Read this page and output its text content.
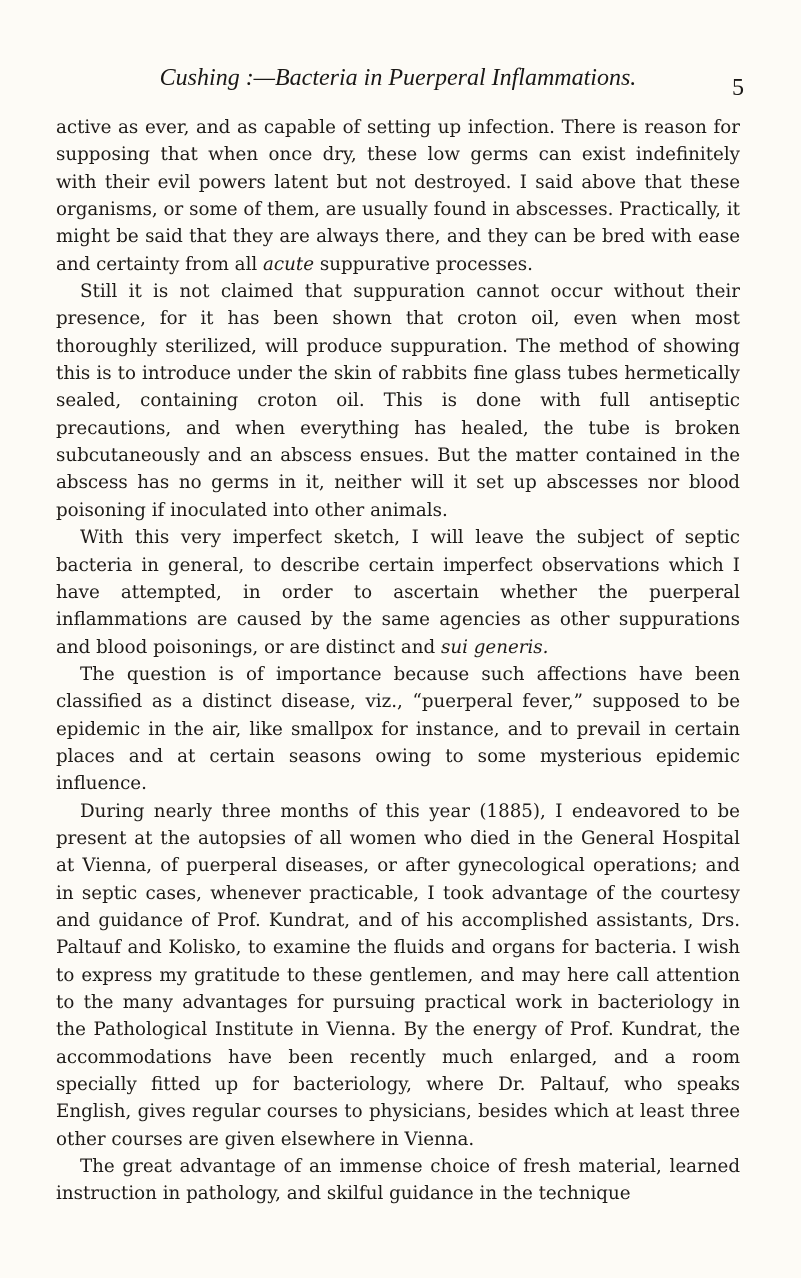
Cushing :—Bacteria in Puerperal Inflammations.	5

active as ever, and as capable of setting up infection. There is reason for supposing that when once dry, these low germs can exist indefinitely with their evil powers latent but not destroyed. I said above that these organisms, or some of them, are usually found in abscesses. Practically, it might be said that they are always there, and they can be bred with ease and certainty from all acute suppurative processes.

Still it is not claimed that suppuration cannot occur without their presence, for it has been shown that croton oil, even when most thoroughly sterilized, will produce suppuration. The method of showing this is to introduce under the skin of rabbits fine glass tubes hermetically sealed, containing croton oil. This is done with full antiseptic precautions, and when everything has healed, the tube is broken subcutaneously and an abscess ensues. But the matter contained in the abscess has no germs in it, neither will it set up abscesses nor blood poisoning if inoculated into other animals.

With this very imperfect sketch, I will leave the subject of septic bacteria in general, to describe certain imperfect observations which I have attempted, in order to ascertain whether the puerperal inflammations are caused by the same agencies as other suppurations and blood poisonings, or are distinct and sui generis.

The question is of importance because such affections have been classified as a distinct disease, viz., “puerperal fever,” supposed to be epidemic in the air, like smallpox for instance, and to prevail in certain places and at certain seasons owing to some mysterious epidemic influence.

During nearly three months of this year (1885), I endeavored to be present at the autopsies of all women who died in the General Hospital at Vienna, of puerperal diseases, or after gynecological operations; and in septic cases, whenever practicable, I took advantage of the courtesy and guidance of Prof. Kundrat, and of his accomplished assistants, Drs. Paltauf and Kolisko, to examine the fluids and organs for bacteria. I wish to express my gratitude to these gentlemen, and may here call attention to the many advantages for pursuing practical work in bacteriology in the Pathological Institute in Vienna. By the energy of Prof. Kundrat, the accommodations have been recently much enlarged, and a room specially fitted up for bacteriology, where Dr. Paltauf, who speaks English, gives regular courses to physicians, besides which at least three other courses are given elsewhere in Vienna.

The great advantage of an immense choice of fresh material, learned instruction in pathology, and skilful guidance in the technique
